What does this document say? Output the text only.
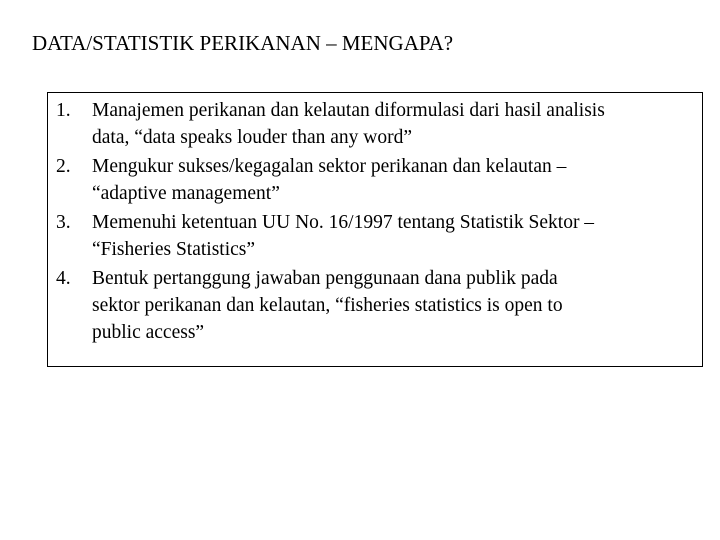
DATA/STATISTIK PERIKANAN – MENGAPA?
1. Manajemen perikanan dan kelautan diformulasi dari hasil analisis
data, “data speaks louder than any word”
2. Mengukur sukses/kegagalan sektor perikanan dan kelautan –
“adaptive management”
3. Memenuhi ketentuan UU No. 16/1997 tentang Statistik Sektor –
“Fisheries Statistics”
4. Bentuk pertanggung jawaban penggunaan dana publik pada
sektor perikanan dan kelautan, “fisheries statistics is open to
public access”
